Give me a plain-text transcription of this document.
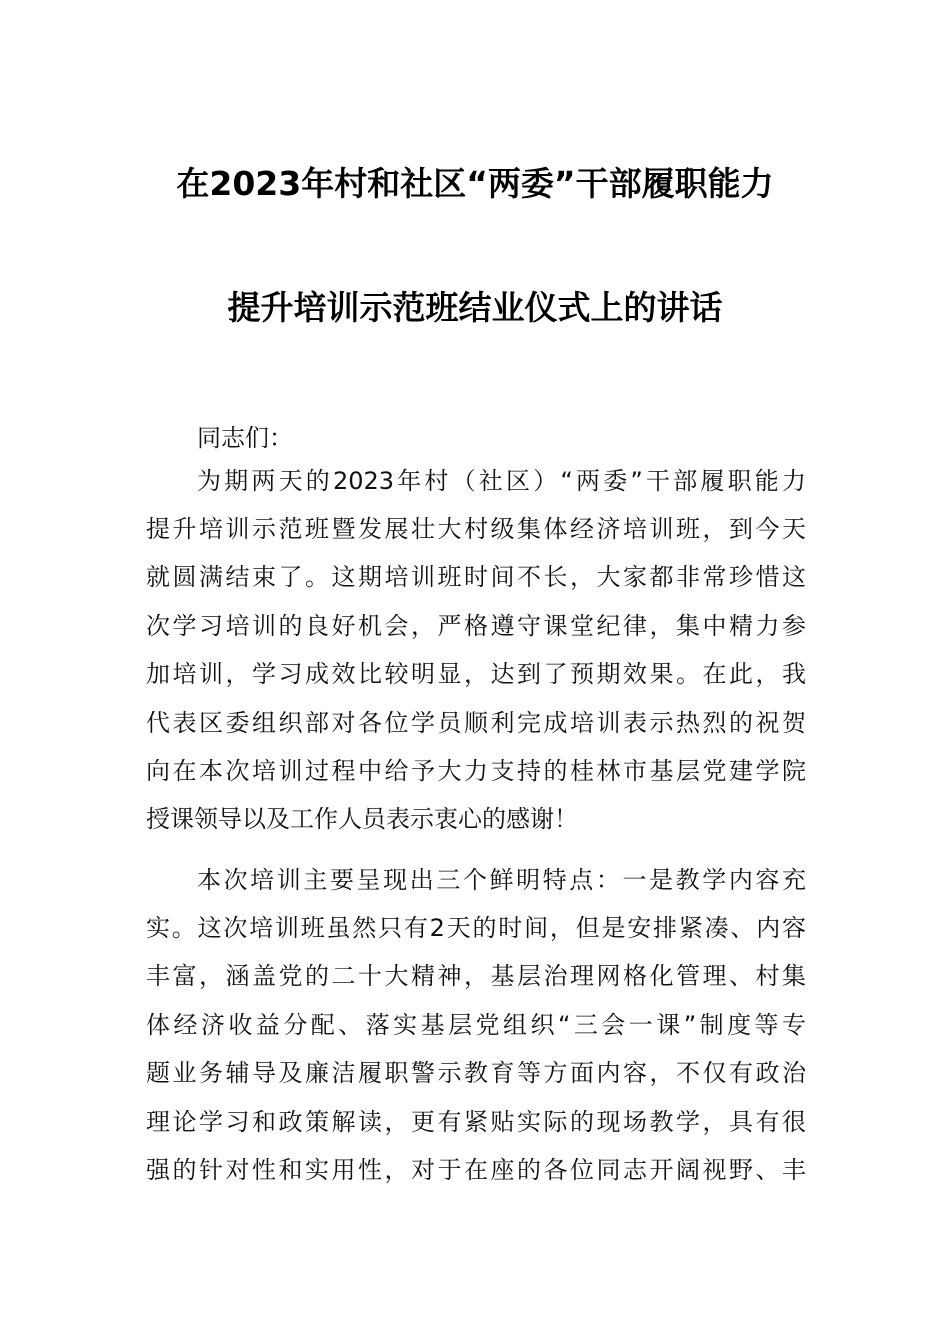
在2023年村和社区“两委”干部履职能力
提升培训示范班结业仪式上的讲话
同志们：
为期两天的2023年村（社区）“两委”干部履职能力
提升培训示范班暨发展壮大村级集体经济培训班，到今天
就圆满结束了。这期培训班时间不长，大家都非常珍惜这
次学习培训的良好机会，严格遵守课堂纪律，集中精力参
加培训，学习成效比较明显，达到了预期效果。在此，我
代表区委组织部对各位学员顺利完成培训表示热烈的祝贺
向在本次培训过程中给予大力支持的桂林市基层党建学院
授课领导以及工作人员表示衷心的感谢！
本次培训主要呈现出三个鲜明特点：一是教学内容充
实。这次培训班虽然只有2天的时间，但是安排紧凑、内容
丰富，涵盖党的二十大精神，基层治理网格化管理、村集
体经济收益分配、落实基层党组织“三会一课”制度等专
题业务辅导及廉洁履职警示教育等方面内容，不仅有政治
理论学习和政策解读，更有紧贴实际的现场教学，具有很
强的针对性和实用性，对于在座的各位同志开阔视野、丰
